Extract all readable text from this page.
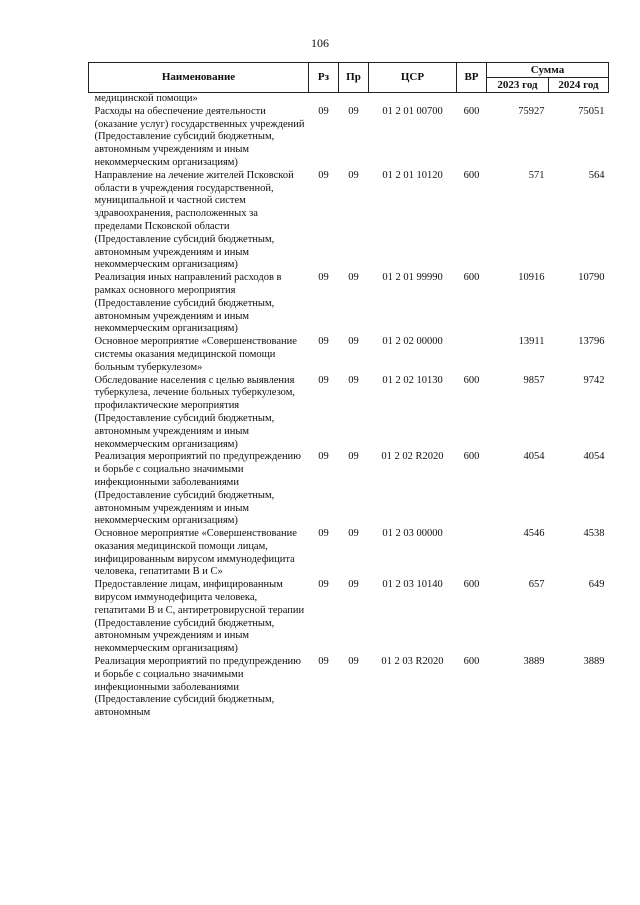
106
Наименование	Рз	Пр	ЦСР	ВР	Сумма	
					2023 год	2024 год
медицинской помощи»						
Расходы на обеспечение деятельности (оказание услуг) государственных учреждений (Предоставление субсидий бюджетным, автономным учреждениям и иным некоммерческим организациям)	09	09	01 2 01 00700	600	75927	75051
Направление на лечение жителей Псковской области в учреждения государственной, муниципальной и частной систем здравоохранения, расположенных за пределами Псковской области (Предоставление субсидий бюджетным, автономным учреждениям и иным некоммерческим организациям)	09	09	01 2 01 10120	600	571	564
Реализация иных направлений расходов в рамках основного мероприятия (Предоставление субсидий бюджетным, автономным учреждениям и иным некоммерческим организациям)	09	09	01 2 01 99990	600	10916	10790
Основное мероприятие «Совершенствование системы оказания медицинской помощи больным туберкулезом»	09	09	01 2 02 00000		13911	13796
Обследование населения с целью выявления туберкулеза, лечение больных туберкулезом, профилактические мероприятия (Предоставление субсидий бюджетным, автономным учреждениям и иным некоммерческим организациям)	09	09	01 2 02 10130	600	9857	9742
Реализация мероприятий по предупреждению и борьбе с социально значимыми инфекционными заболеваниями (Предоставление субсидий бюджетным, автономным учреждениям и иным некоммерческим организациям)	09	09	01 2 02 R2020	600	4054	4054
Основное мероприятие «Совершенствование оказания медицинской помощи лицам, инфицированным вирусом иммунодефицита человека, гепатитами В и С»	09	09	01 2 03 00000		4546	4538
Предоставление лицам, инфицированным вирусом иммунодефицита человека, гепатитами В и С, антиретровирусной терапии (Предоставление субсидий бюджетным, автономным учреждениям и иным некоммерческим организациям)	09	09	01 2 03 10140	600	657	649
Реализация мероприятий по предупреждению и борьбе с социально значимыми инфекционными заболеваниями (Предоставление субсидий бюджетным, автономным	09	09	01 2 03 R2020	600	3889	3889
